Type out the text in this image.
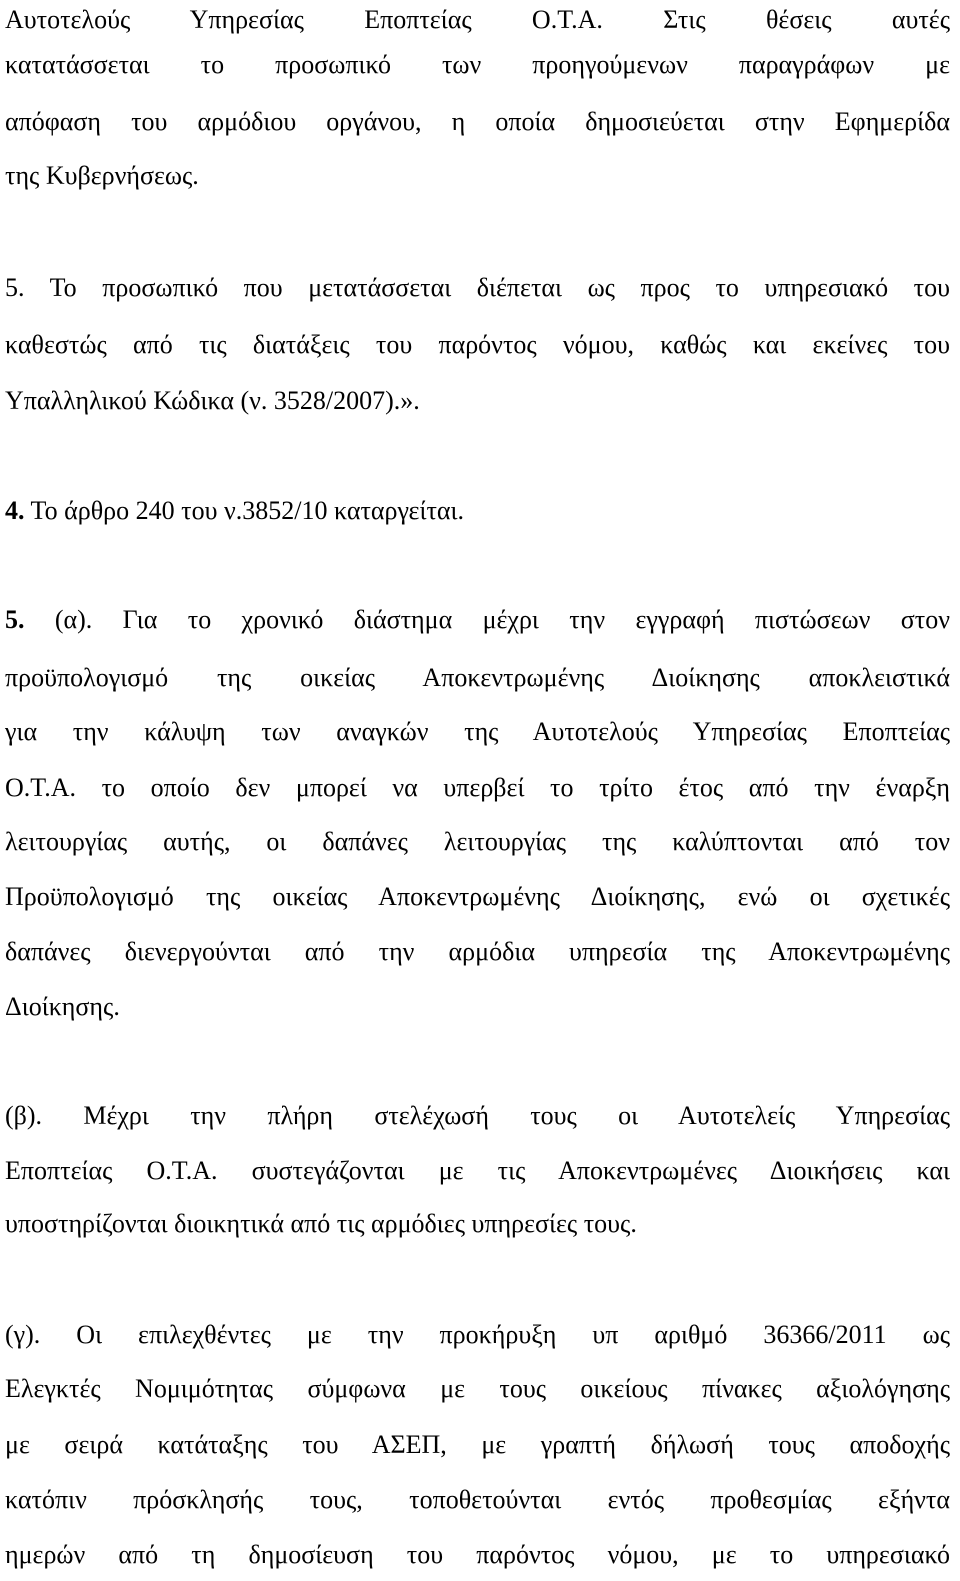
Αυτοτελούς Υπηρεσίας Εποπτείας Ο.Τ.Α. Στις θέσεις αυτές
κατατάσσεται το προσωπικό των προηγούμενων παραγράφων με
απόφαση του αρμόδιου οργάνου, η οποία δημοσιεύεται στην Εφημερίδα
της Κυβερνήσεως.
5. Το προσωπικό που μετατάσσεται διέπεται ως προς το υπηρεσιακό του
καθεστώς από τις διατάξεις του παρόντος νόμου, καθώς και εκείνες του
Υπαλληλικού Κώδικα (ν. 3528/2007).».
4. Το άρθρο 240 του ν.3852/10 καταργείται.
5. (α). Για το χρονικό διάστημα μέχρι την εγγραφή πιστώσεων στον
προϋπολογισμό της οικείας Αποκεντρωμένης Διοίκησης αποκλειστικά
για την κάλυψη των αναγκών της Αυτοτελούς Υπηρεσίας Εποπτείας
Ο.Τ.Α. το οποίο δεν μπορεί να υπερβεί το τρίτο έτος από την έναρξη
λειτουργίας αυτής, οι δαπάνες λειτουργίας της καλύπτονται από τον
Προϋπολογισμό της οικείας Αποκεντρωμένης Διοίκησης, ενώ οι σχετικές
δαπάνες διενεργούνται από την αρμόδια υπηρεσία της Αποκεντρωμένης
Διοίκησης.
(β). Μέχρι την πλήρη στελέχωσή τους οι Αυτοτελείς Υπηρεσίας
Εποπτείας Ο.Τ.Α. συστεγάζονται με τις Αποκεντρωμένες Διοικήσεις και
υποστηρίζονται διοικητικά από τις αρμόδιες υπηρεσίες τους.
(γ). Οι επιλεχθέντες με την προκήρυξη υπ αριθμό 36366/2011 ως
Ελεγκτές Νομιμότητας σύμφωνα με τους οικείους πίνακες αξιολόγησης
με σειρά κατάταξης του ΑΣΕΠ, με γραπτή δήλωσή τους αποδοχής
κατόπιν πρόσκλησής τους, τοποθετούνται εντός προθεσμίας εξήντα
ημερών από τη δημοσίευση του παρόντος νόμου, με το υπηρεσιακό
